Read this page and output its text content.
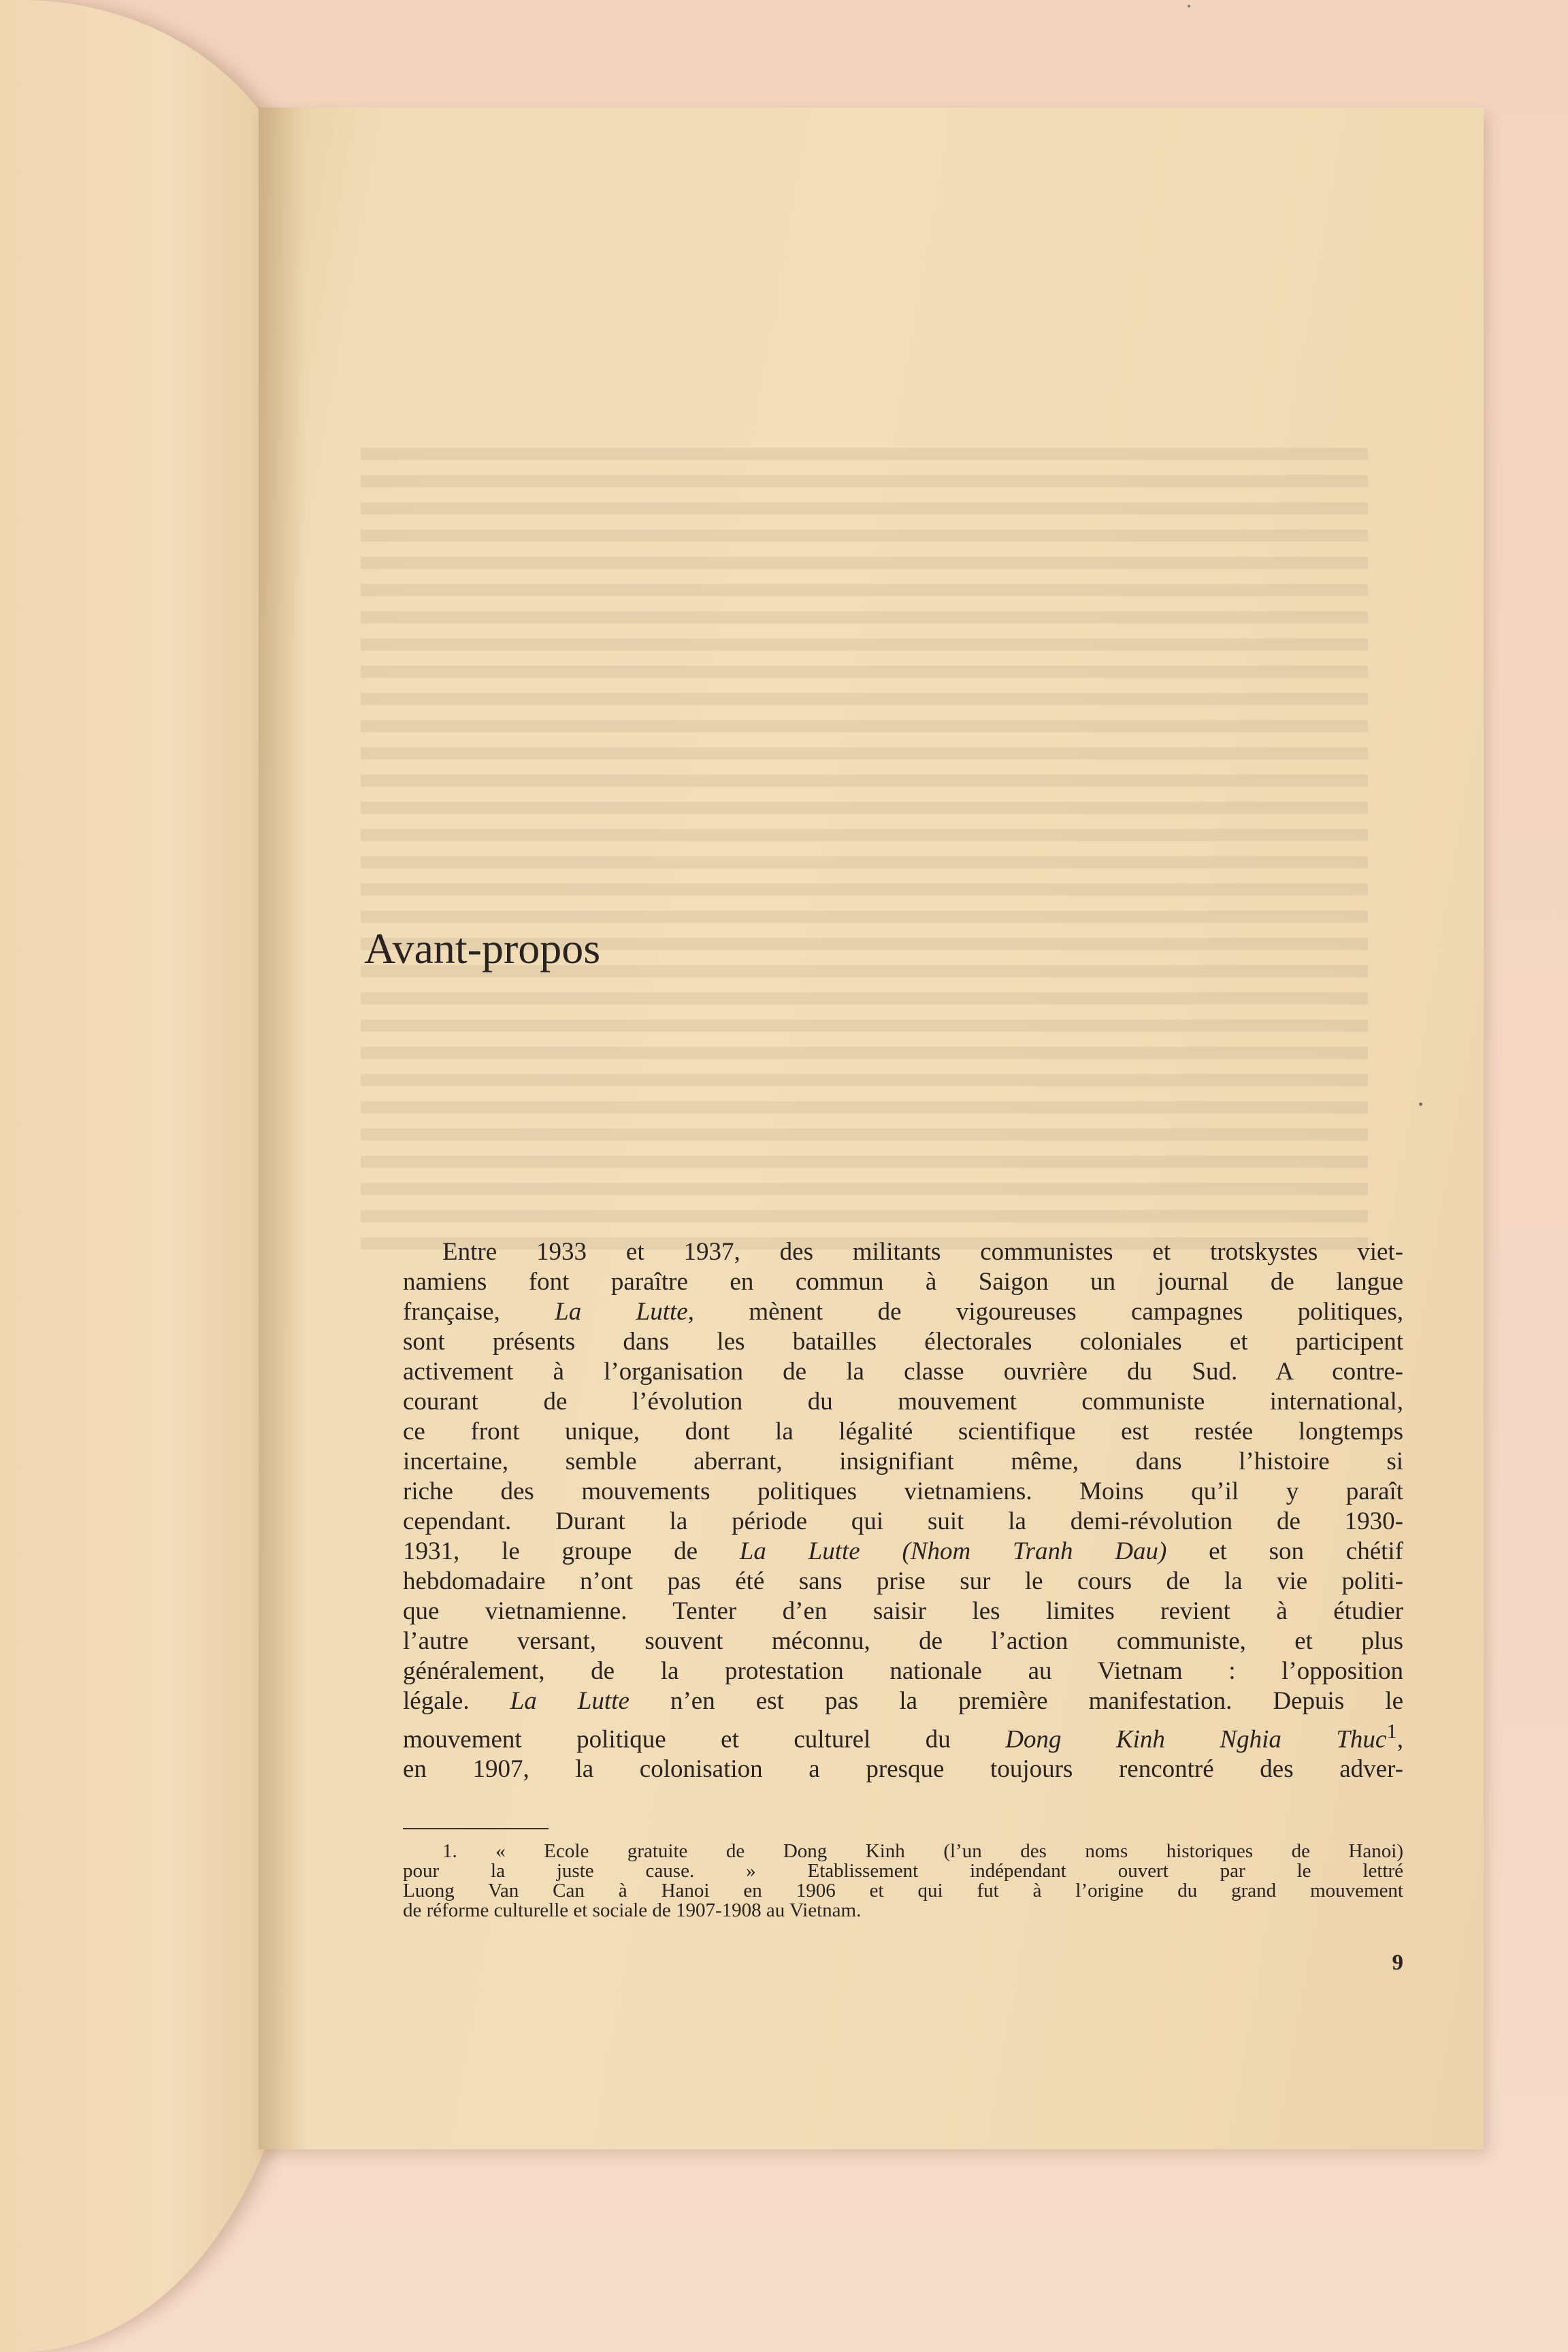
Avant-propos
Entre 1933 et 1937, des militants communistes et trotskystes viet-
namiens font paraître en commun à Saigon un journal de langue
française, La Lutte, mènent de vigoureuses campagnes politiques,
sont présents dans les batailles électorales coloniales et participent
activement à l’organisation de la classe ouvrière du Sud. A contre-
courant de l’évolution du mouvement communiste international,
ce front unique, dont la légalité scientifique est restée longtemps
incertaine, semble aberrant, insignifiant même, dans l’histoire si
riche des mouvements politiques vietnamiens. Moins qu’il y paraît
cependant. Durant la période qui suit la demi-révolution de 1930-
1931, le groupe de La Lutte (Nhom Tranh Dau) et son chétif
hebdomadaire n’ont pas été sans prise sur le cours de la vie politi-
que vietnamienne. Tenter d’en saisir les limites revient à étudier
l’autre versant, souvent méconnu, de l’action communiste, et plus
généralement, de la protestation nationale au Vietnam : l’opposition
légale. La Lutte n’en est pas la première manifestation. Depuis le
mouvement politique et culturel du Dong Kinh Nghia Thuc$^1$,
en 1907, la colonisation a presque toujours rencontré des adver-
1. « Ecole gratuite de Dong Kinh (l’un des noms historiques de Hanoi)
pour la juste cause. » Etablissement indépendant ouvert par le lettré
Luong Van Can à Hanoi en 1906 et qui fut à l’origine du grand mouvement
de réforme culturelle et sociale de 1907-1908 au Vietnam.
9
